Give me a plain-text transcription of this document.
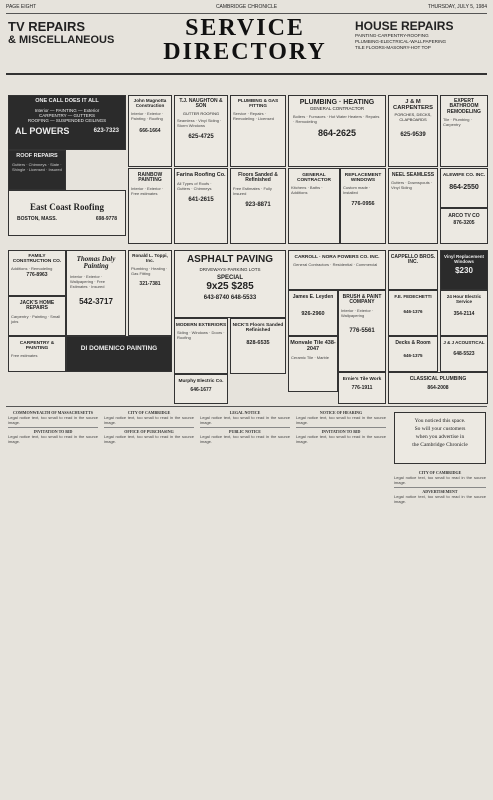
PAGE EIGHT	CAMBRIDGE CHRONICLE	THURSDAY, JULY 5, 1984
TV REPAIRS
& MISCELLANEOUS	SERVICE
DIRECTORY
HOUSE REPAIRS
PAINTING-CARPENTRY-ROOFING
PLUMBING-ELECTRICAL-WALLPAPERING
TILE FLOORS-MASONRY-HOT TOP
ONE CALL DOES IT ALL
Interior — PAINTING — Exterior
CARPENTRY — GUTTERS
ROOFING — SUSPENDED CEILINGS
AL POWERS	623-7323
ROOF REPAIRS
Gutters · Chimneys · Slate · Shingle · Licensed · Insured
East Coast Roofing
BOSTON, MASS.	698-9778
FAMILY CONSTRUCTION CO.
Additions · Remodeling
776-8963
JACK'S HOME REPAIRS
Carpentry · Painting · Small jobs
CARPENTRY & PAINTING
Free estimates
John Magnotta Construction
Interior · Exterior · Painting · Roofing
666-1664
RAINBOW PAINTING
Interior · Exterior · Free estimates
Thomas Daly Painting
Interior · Exterior · Wallpapering · Free Estimates · Insured
542-3717
T.J. NAUGHTON & SON
GUTTER ROOFING
Seamless · Vinyl Siding · Storm Windows
625-4725
Farina Roofing Co.
All Types of Roofs · Gutters · Chimneys
641-2615
Ronald L. Toppi, Inc.
Plumbing · Heating · Gas Fitting
321-7381
PLUMBING & GAS FITTING
Service · Repairs · Remodeling · Licensed
Floors Sanded & Refinished
Free Estimates · Fully Insured
923-8871
PLUMBING · HEATING
GENERAL CONTRACTOR
Boilers · Furnaces · Hot Water Heaters · Repairs · Remodeling
864-2625
GENERAL CONTRACTOR
Kitchens · Baths · Additions
REPLACEMENT WINDOWS
Custom made · Installed
776-0956
J & M CARPENTERS
PORCHES, DECKS, CLAPBOARDS
625-9539
NEEL SEAMLESS
Gutters · Downspouts · Vinyl Siding
EXPERT BATHROOM REMODELING
Tile · Plumbing · Carpentry
ALEWIFE CO. INC.
864-2550
ARCO TV CO
876-3205
ASPHALT PAVING
DRIVEWAYS·PARKING LOTS
SPECIAL
9x25 $285
643-8740 648-5533
CARROLL · NORA POWERS CO. INC.
General Contractors · Residential · Commercial
James E. Leyden
926-2960
BRUSH & PAINT COMPANY
Interior · Exterior · Wallpapering
776-5561
CAPPELLO BROS. INC.
Vinyl Replacement Windows
$230
F.E. FEDECHETTI
646-1376
24 Hour Electric Service
354-2114
DI DOMENICO PAINTING
MODERN EXTERIORS
Siding · Windows · Doors · Roofing
NICK'S Floors Sanded Refinished
828-6535	Monvale Tile 438-2047
Ceramic Tile · Marble
Decks & Room
646-1375
J & J ACOUSTICAL
648-5523
Murphy Electric Co.
646-1677
Ernie's Tile Work
776-1911
CLASSICAL PLUMBING
864-2008
COMMONWEALTH OF MASSACHUSETTS
Legal notice text, too small to read in the source image.
INVITATION TO BID
Legal notice text, too small to read in the source image.
CITY OF CAMBRIDGE
Legal notice text, too small to read in the source image.
OFFICE OF PURCHASING
Legal notice text, too small to read in the source image.
LEGAL NOTICE
Legal notice text, too small to read in the source image.
PUBLIC NOTICE
Legal notice text, too small to read in the source image.
NOTICE OF HEARING
Legal notice text, too small to read in the source image.
INVITATION TO BID
Legal notice text, too small to read in the source image.
You noticed this space.
So will your customers
when you advertise in
the Cambridge Chronicle
CITY OF CAMBRIDGE
Legal notice text, too small to read in the source image.
ADVERTISEMENT
Legal notice text, too small to read in the source image.
